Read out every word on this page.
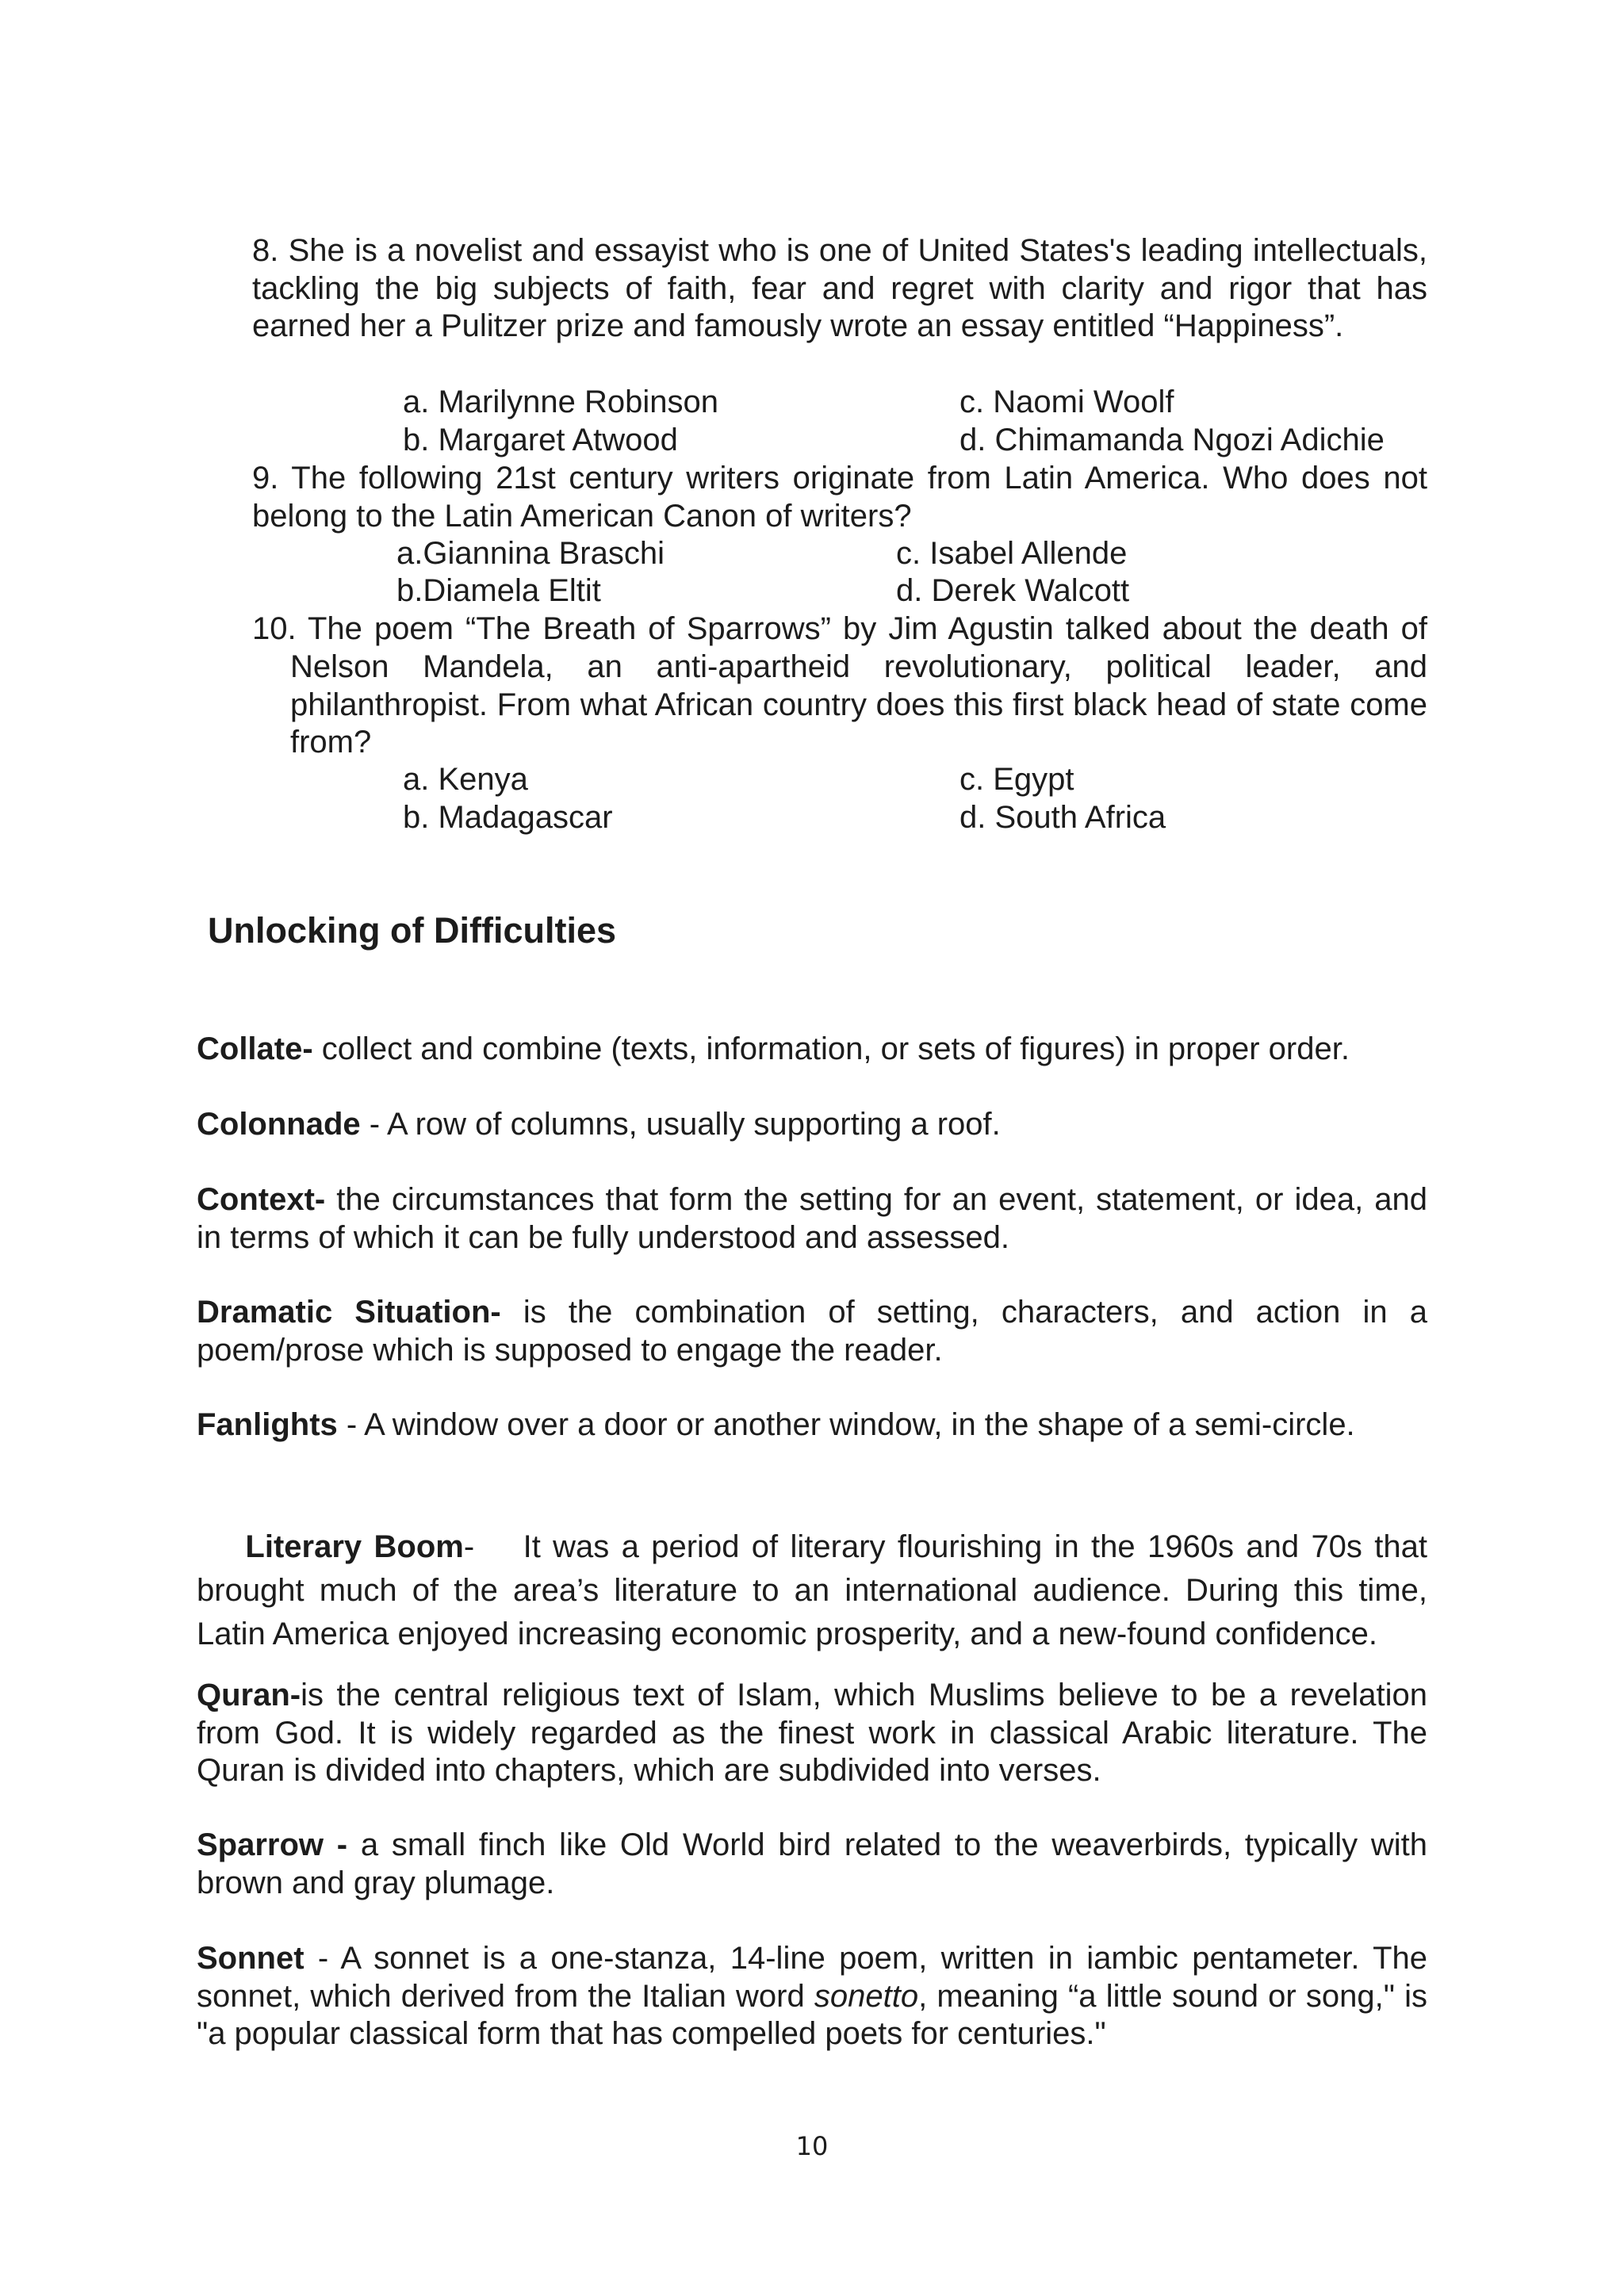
8. She is a novelist and essayist who is one of United States's leading intellectuals, tackling the big subjects of faith, fear and regret with clarity and rigor that has earned her a Pulitzer prize and famously wrote an essay entitled “Happiness”.

a. Marilynne Robinson	c. Naomi Woolf
b. Margaret Atwood	d. Chimamanda Ngozi Adichie

9. The following 21st century writers originate from Latin America. Who does not belong to the Latin American Canon of writers?

a.Giannina Braschi	c. Isabel Allende
b.Diamela Eltit	d. Derek Walcott
10. The poem “The Breath of Sparrows” by Jim Agustin talked about the death of

Nelson Mandela, an anti-apartheid revolutionary, political leader, and philanthropist. From what African country does this first black head of state come from?

a. Kenya	c. Egypt
b. Madagascar	d. South Africa
Unlocking of Difficulties

Collate- collect and combine (texts, information, or sets of figures) in proper order.

Colonnade - A row of columns, usually supporting a roof.

Context- the circumstances that form the setting for an event, statement, or idea, and in terms of which it can be fully understood and assessed.

Dramatic Situation- is the combination of setting, characters, and action in a poem/prose which is supposed to engage the reader.

Fanlights - A window over a door or another window, in the shape of a semi-circle.

Literary Boom-    It was a period of literary flourishing in the 1960s and 70s that brought much of the area’s literature to an international audience. During this time, Latin America enjoyed increasing economic prosperity, and a new-found confidence.

Quran-is the central religious text of Islam, which Muslims believe to be a revelation from God. It is widely regarded as the finest work in classical Arabic literature. The Quran is divided into chapters, which are subdivided into verses.

Sparrow - a small finch like Old World bird related to the weaverbirds, typically with brown and gray plumage.

Sonnet - A sonnet is a one-stanza, 14-line poem, written in iambic pentameter. The sonnet, which derived from the Italian word sonetto, meaning “a little sound or song," is "a popular classical form that has compelled poets for centuries."

10
